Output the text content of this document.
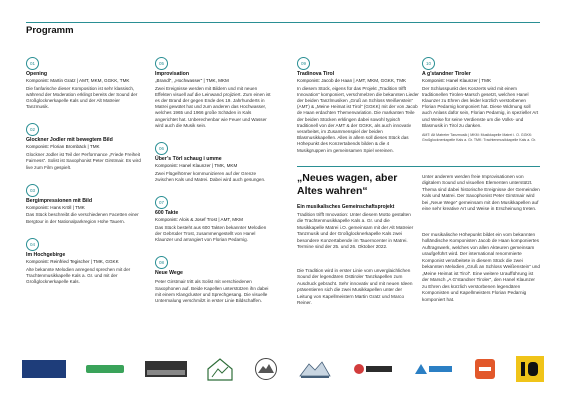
Programm
01
Opening
Komponist: Martin Gratz | AMT, MKM, GGKK, TMK
Die fanfarische dieser Komposition ist sehr klassisch, während der Moderation erklingt bereits der Sound der Großglocknerkapelle Kals und der Alt Matreier Tanzmusik.
02
Glockner Jodler mit bewegtem Bild
Komponist: Florian Brombäck | TMK
Glockner Jodler ist Teil der Performance „Friede Freiheit Fairness“. Solist ist Saxophonist Peter Girstmair. Es wird live zum Film gespielt.
03
Bergimpressionen mit Bild
Komponist: Hans Kröll | TMK
Das Stück beschreibt die verschiedenen Facetten einer Bergtour in der Nationalparkregion Hohe Tauern.
04
Im Hochgebirge
Komponist: Reinfried Tegischer | TMK, GGKK
Alte bekannte Melodien anregend sprechen mit der Trachtenmusikkapelle Kals a. Gr. und mit der Großglocknerkapelle Kals.
05
Improvisation
„Brandl“, „Hochwasser“ | TMK, MKM
Zwei Ereignisse werden mit Bildern und mit neuen Effekten visuell auf die Leinwand projiziert. Zum einen ist es der Brand der gegen Ende des 19. Jahrhunderts in Matrei gewütet hat und zum anderen das Hochwasser, welches 1965 und 1966 große Schäden in Kals angerichtet hat. Unberechenbar wie Feuer und Wasser wird auch die Musik sein.
06
Über’s Törl schaug i umme
Komponist: Hanel Klaunzer | TMK, MKM
Zwei Flügelhörner kommunizieren auf der Grenze zwischen Kals und Matrei. Dabei wird auch gesungen.
07
600 Takte
Komponist: Alois & Josef Trost | AMT, MKM
Das Stück besteht aus 600 Takten bekannter Melodien der Gebrüder Trost, zusammengestellt von Hanel Klaunzer und arrangiert von Florian Pedarnig.
08
Neue Wege
Peter Girstmair tritt als Solist mit verschiedenen Saxophonen auf. Beide Kapellen unterstützen ihn dabei mit einem Klangcluster und Sprechgesang. Die visuelle Untermalung verschmilzt in erster Linie Bildschaffen.
09
Tradinova Tirol
Komponist: Jacob de Haan | AMT, MKM, GGKK, TMK
In diesem Stück, eigens für das Projekt „Tradition trifft Innovation“ komponiert, verschmelzen die bekannten Lieder der beiden Tanzlmusiken „Gruß an Schloss Weißenstein“ (AMT) & „Meine Heimat ist Tirol“ (GGKK) mit der von Jacob de Haan erdachten Themenvariation. Die markanten Teile der beiden Stücken erklingen dabei sowohl typisch traditionell von der AMT & der GGKK, als auch innovativ verarbeitet, im Zusammenspiel der beiden Blasmusikkapellen. Alles in allem soll dieses Stück das Höhepunkt des Konzertabends bilden & die 4 Musikgruppen im gemeinsamen Spiel vereinen.
10
A g’standner Tiroler
Komponist: Hanel Klaunzer | TMK
Der Schlusspunkt des Konzerts wird mit einem traditionellen Tirolen-Marsch gesetzt, welchen Hanel Klaunzer zu Ehren des leider kürzlich verstorbenen Florian Pedarnig komponiert hat. Diese Widmung soll auch Anlass dafür sein, Florian Pedarnig, in spezieller Art und Weise für seine Verdienste um die Volks- und Blasmusik in Tirol zu danken.
AMT: Alt Matreier Tanzmusik | MKM: Musikkapelle Matrei i. O. GGKK: Großglocknerkapelle Kals a. Gr. TMK: Trachtenmusikkapelle Kals a. Gr.
„Neues wagen, aber Altes wahren“
Ein musikalisches Gemeinschaftsprojekt
Tradition trifft Innovation: Unter diesem Motto gestalten die Trachtenmusikkapelle Kals a. Gr. und die Musikkapelle Matrei i.O. gemeinsam mit der Alt Matreier Tanzmusik und der Großglocknerkapelle Kals zwei besondere Konzertabende im Tauerncenter in Matrei. Termine sind der 25. und 26. Oktober 2022.
Die Tradition wird in erster Linie vom unverglaichlichen Sound der legendären Osttiroler Tanzkapellen zum Ausdruck gebracht. Sehr innovativ und mit neuen Ideen präsentieren sich die zwei Musikkapellen unter der Leitung von Kapellmeistern Martin Gratz und Marco Reiner.
Unter anderem werden freie Improvisationen von digitalem Sound und visuellen Elementen unterstützt. Thema sind dabei historische Ereignisse der Gemeinden Kals und Matrei. Der Saxophonist Peter Girstmair wird bei „Neue Wege“ gemeinsam mit den Musikkapellen auf eine sehr kreative Art und Weise in Erscheinung treten.
Der musikalische Höhepunkt bildet ein vom bekannten holländische Komponisten Jacob de Haan komponiertes Auftragswerk, welches von allen Akteuren gemeinsam uraufgeführt wird. Der international renommierte Komponist verarbeitete in diesem Stück die zwei bekannten Melodien „Gruß an Schloss Weißenstein“ und „Meine Heimat ist Tirol“. Eine weitere Uraufführung ist der Marsch „A G’standner Tiroler“, den Hanel Klaunzer zu Ehren des kürzlich verstorbenen legendären Komponisten und Kapellmeisters Florian Pedarnig komponiert hat.
